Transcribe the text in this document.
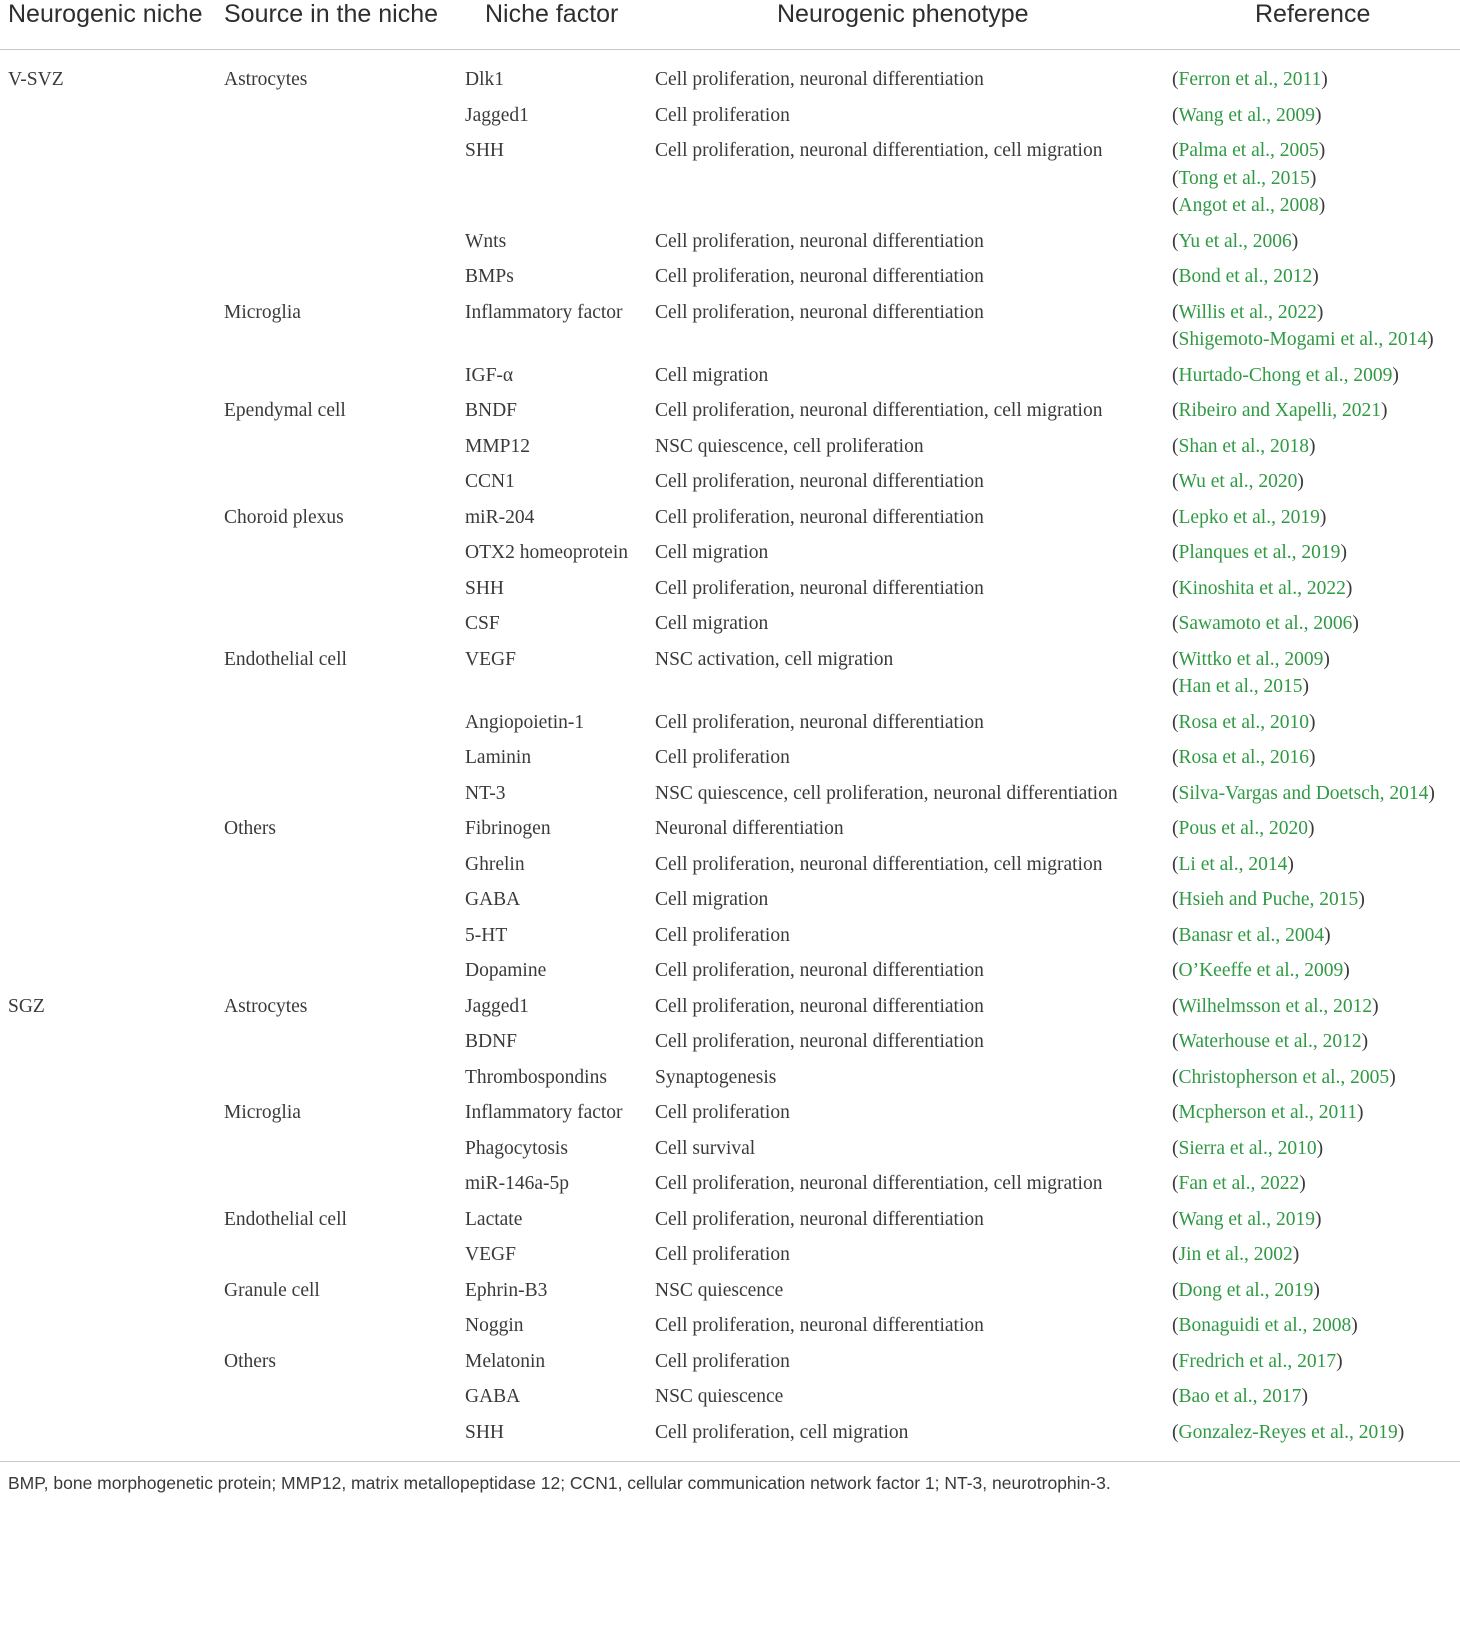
Neurogenic niche	Source in the niche	Niche factor	Neurogenic phenotype	Reference
V-SVZ	Astrocytes	Dlk1	Cell proliferation, neuronal differentiation	(Ferron et al., 2011)

		Jagged1	Cell proliferation	(Wang et al., 2009)

		SHH	Cell proliferation, neuronal differentiation, cell migration	(Palma et al., 2005)
(Tong et al., 2015)
(Angot et al., 2008)

		Wnts	Cell proliferation, neuronal differentiation	(Yu et al., 2006)

		BMPs	Cell proliferation, neuronal differentiation	(Bond et al., 2012)

	Microglia	Inflammatory factor	Cell proliferation, neuronal differentiation	(Willis et al., 2022)
(Shigemoto-Mogami et al., 2014)

		IGF-α	Cell migration	(Hurtado-Chong et al., 2009)

	Ependymal cell	BNDF	Cell proliferation, neuronal differentiation, cell migration	(Ribeiro and Xapelli, 2021)

		MMP12	NSC quiescence, cell proliferation	(Shan et al., 2018)

		CCN1	Cell proliferation, neuronal differentiation	(Wu et al., 2020)

	Choroid plexus	miR-204	Cell proliferation, neuronal differentiation	(Lepko et al., 2019)

		OTX2 homeoprotein	Cell migration	(Planques et al., 2019)

		SHH	Cell proliferation, neuronal differentiation	(Kinoshita et al., 2022)

		CSF	Cell migration	(Sawamoto et al., 2006)

	Endothelial cell	VEGF	NSC activation, cell migration	(Wittko et al., 2009)
(Han et al., 2015)

		Angiopoietin-1	Cell proliferation, neuronal differentiation	(Rosa et al., 2010)

		Laminin	Cell proliferation	(Rosa et al., 2016)

		NT-3	NSC quiescence, cell proliferation, neuronal differentiation	(Silva-Vargas and Doetsch, 2014)

	Others	Fibrinogen	Neuronal differentiation	(Pous et al., 2020)

		Ghrelin	Cell proliferation, neuronal differentiation, cell migration	(Li et al., 2014)

		GABA	Cell migration	(Hsieh and Puche, 2015)

		5-HT	Cell proliferation	(Banasr et al., 2004)

		Dopamine	Cell proliferation, neuronal differentiation	(O’Keeffe et al., 2009)

SGZ	Astrocytes	Jagged1	Cell proliferation, neuronal differentiation	(Wilhelmsson et al., 2012)

		BDNF	Cell proliferation, neuronal differentiation	(Waterhouse et al., 2012)

		Thrombospondins	Synaptogenesis	(Christopherson et al., 2005)

	Microglia	Inflammatory factor	Cell proliferation	(Mcpherson et al., 2011)

		Phagocytosis	Cell survival	(Sierra et al., 2010)

		miR-146a-5p	Cell proliferation, neuronal differentiation, cell migration	(Fan et al., 2022)

	Endothelial cell	Lactate	Cell proliferation, neuronal differentiation	(Wang et al., 2019)

		VEGF	Cell proliferation	(Jin et al., 2002)

	Granule cell	Ephrin-B3	NSC quiescence	(Dong et al., 2019)

		Noggin	Cell proliferation, neuronal differentiation	(Bonaguidi et al., 2008)

	Others	Melatonin	Cell proliferation	(Fredrich et al., 2017)

		GABA	NSC quiescence	(Bao et al., 2017)

		SHH	Cell proliferation, cell migration	(Gonzalez-Reyes et al., 2019)

BMP, bone morphogenetic protein; MMP12, matrix metallopeptidase 12; CCN1, cellular communication network factor 1; NT-3, neurotrophin-3.				
